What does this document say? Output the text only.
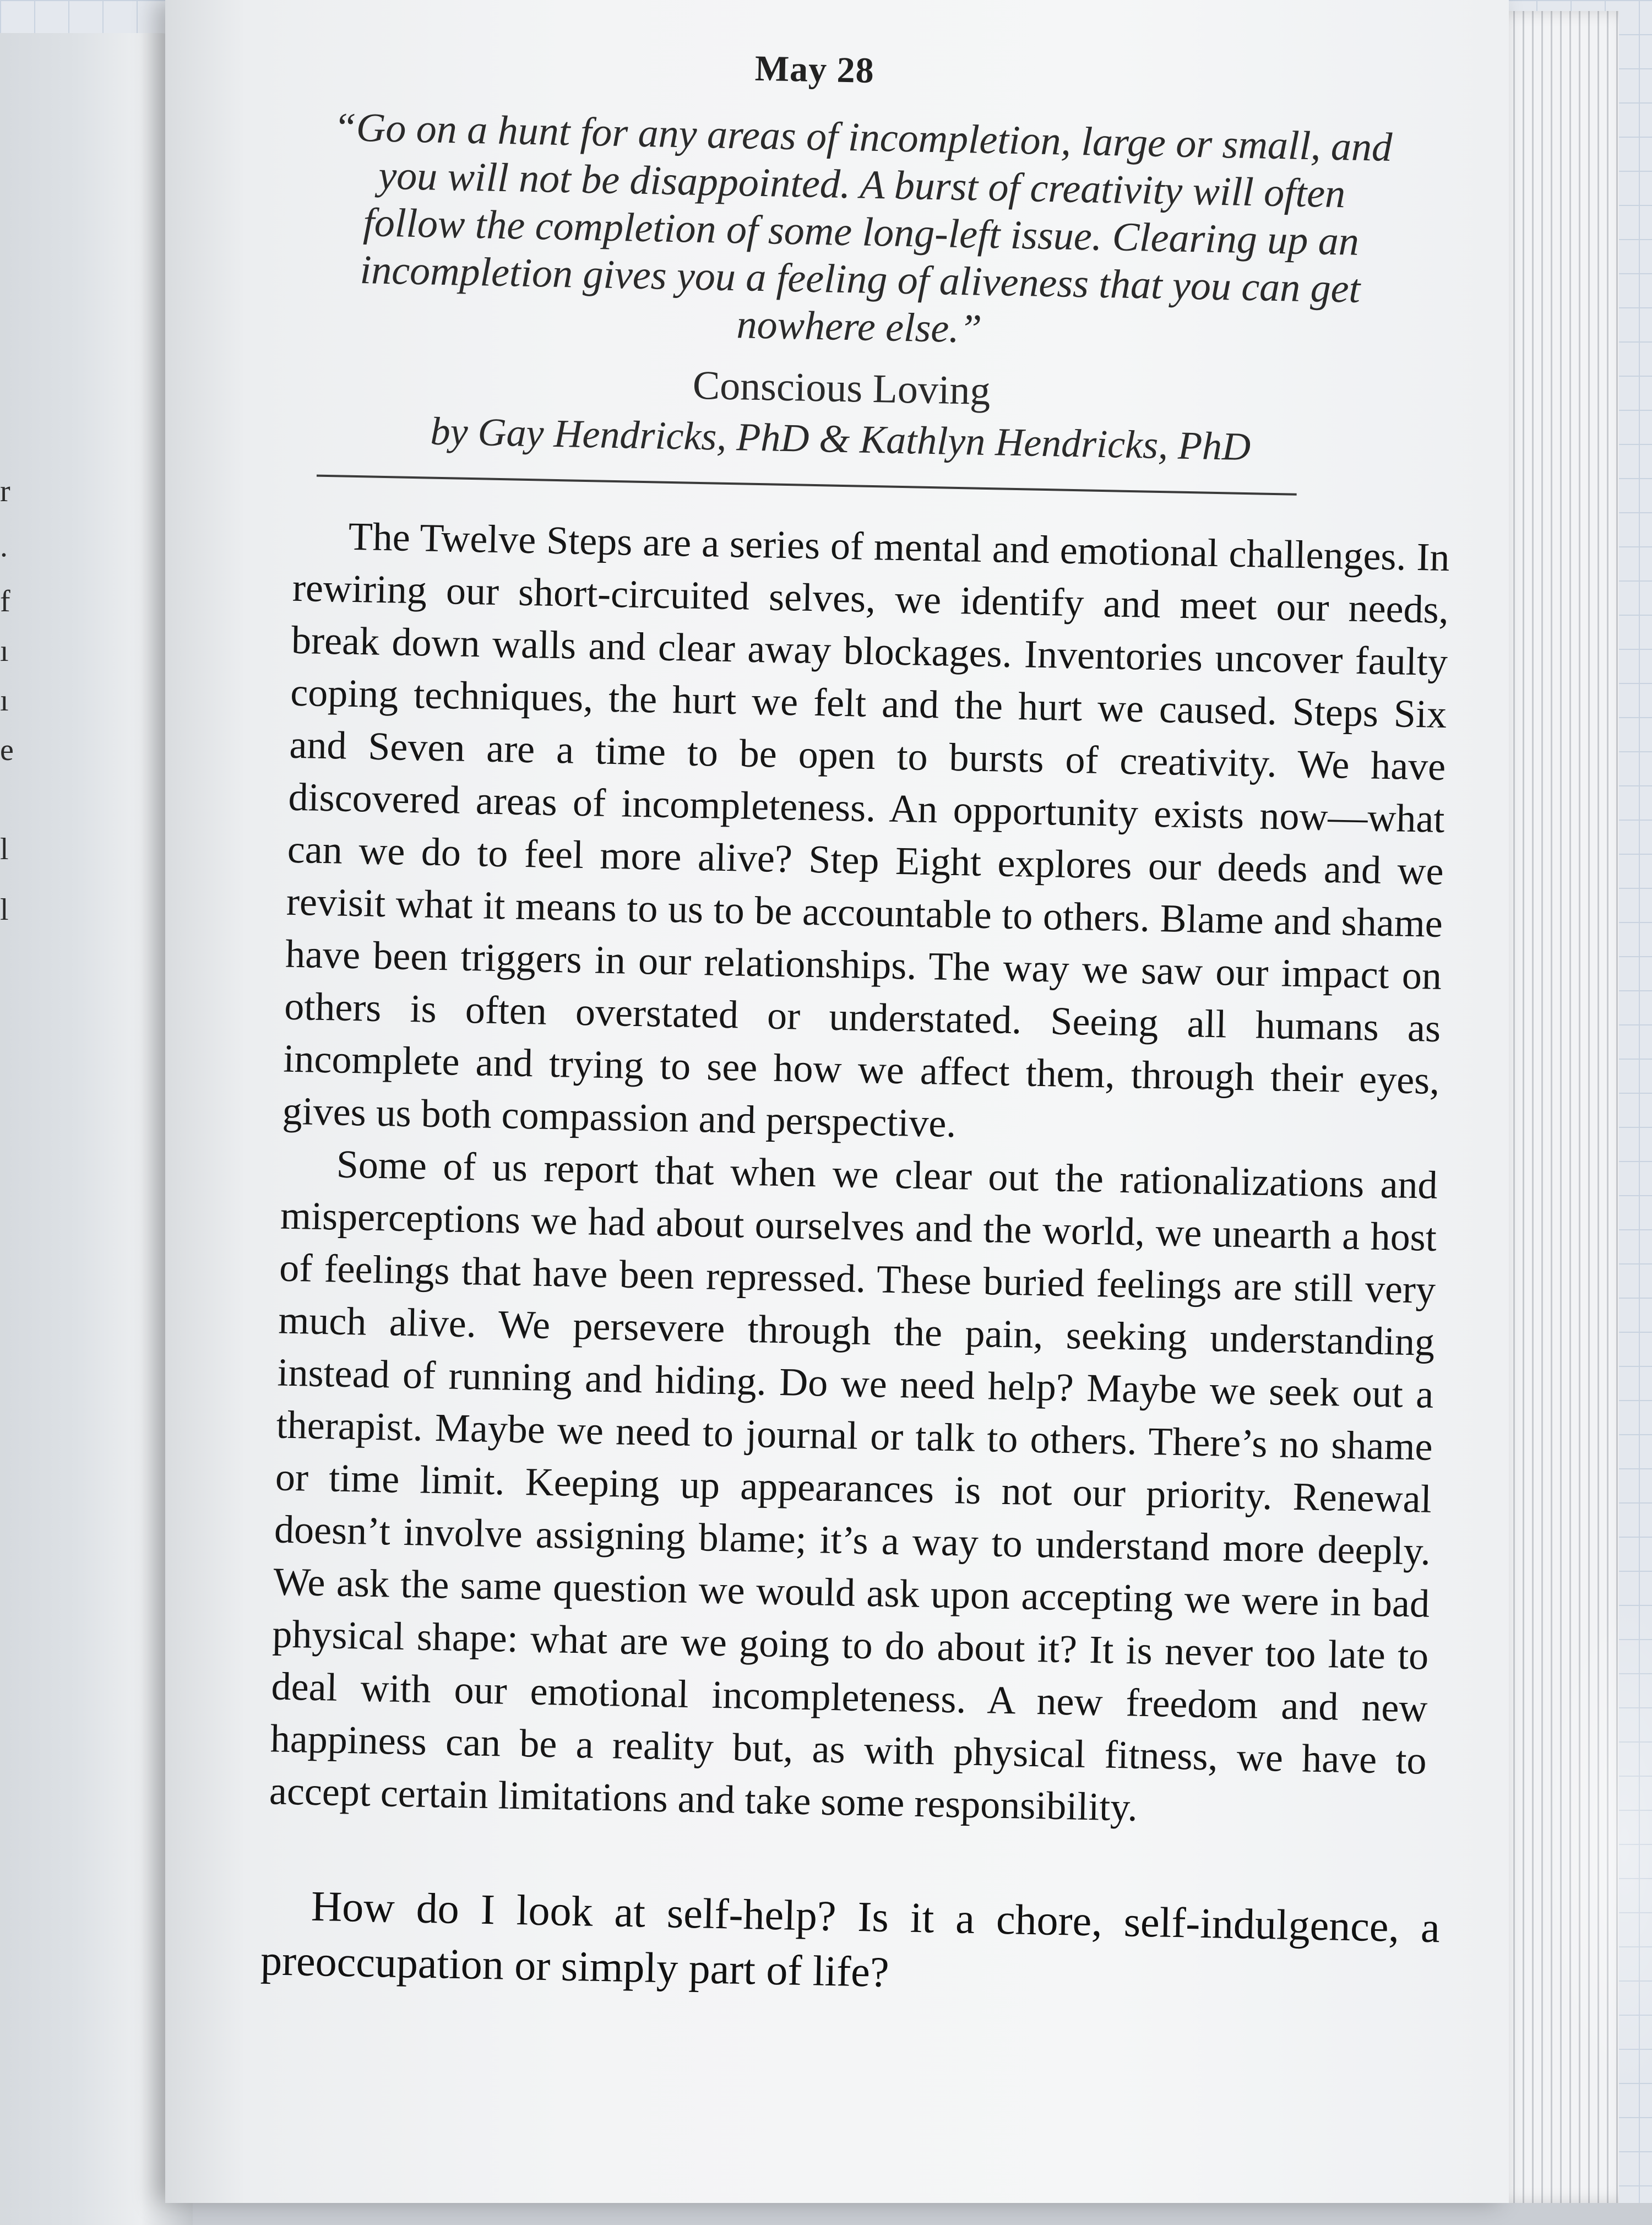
r
.
f
ı
ı
e
l
l
May 28
“Go on a hunt for any areas of incompletion, large or small, and you will not be disappointed. A burst of creativity will often follow the completion of some long-left issue. Clearing up an incompletion gives you a feeling of aliveness that you can get nowhere else.”
Conscious Loving
by Gay Hendricks, PhD & Kathlyn Hendricks, PhD

The Twelve Steps are a series of mental and emotional challenges. In rewiring our short-circuited selves, we identify and meet our needs, break down walls and clear away blockages. Inventories uncover faulty coping techniques, the hurt we felt and the hurt we caused. Steps Six and Seven are a time to be open to bursts of creativity. We have discovered areas of incompleteness. An opportunity exists now—what can we do to feel more alive? Step Eight explores our deeds and we revisit what it means to us to be accountable to others. Blame and shame have been triggers in our relationships. The way we saw our impact on others is often overstated or understated. Seeing all humans as incomplete and trying to see how we affect them, through their eyes, gives us both compassion and perspective.

Some of us report that when we clear out the rationalizations and misperceptions we had about ourselves and the world, we unearth a host of feelings that have been repressed. These buried feelings are still very much alive. We persevere through the pain, seeking understanding instead of running and hiding. Do we need help? Maybe we seek out a therapist. Maybe we need to journal or talk to others. There’s no shame or time limit. Keeping up appearances is not our priority. Renewal doesn’t involve assigning blame; it’s a way to understand more deeply. We ask the same question we would ask upon accepting we were in bad physical shape: what are we going to do about it? It is never too late to deal with our emotional incompleteness. A new freedom and new happiness can be a reality but, as with physical fitness, we have to accept certain limitations and take some responsibility.

How do I look at self-help? Is it a chore, self-indulgence, a preoccupation or simply part of life?
